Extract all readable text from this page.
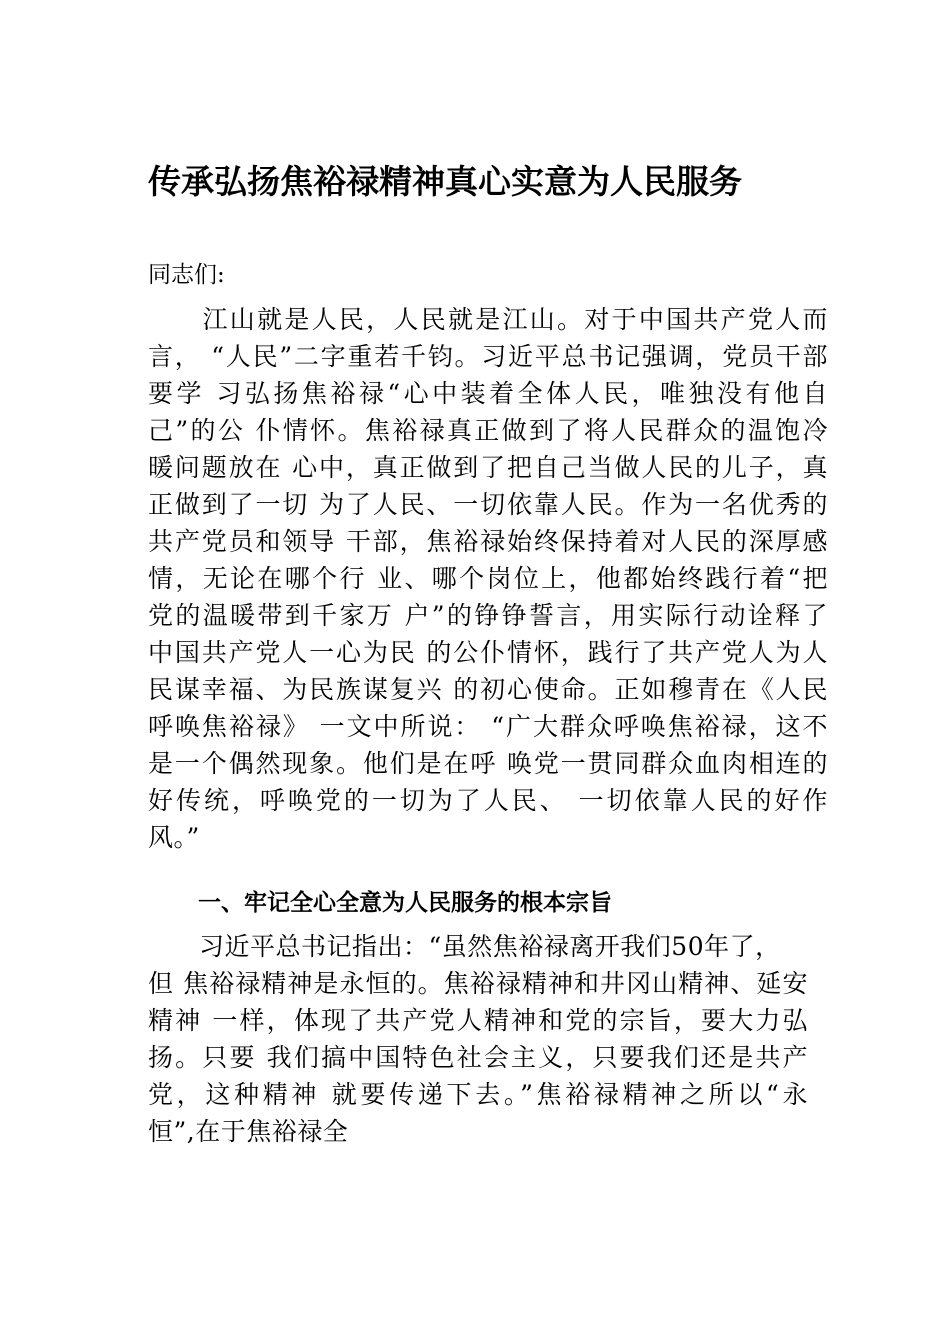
传承弘扬焦裕禄精神真心实意为人民服务
同志们:
　　江山就是人民，人民就是江山。对于中国共产党人而
言， “人民”二字重若千钧。习近平总书记强调，党员干部
要学 习弘扬焦裕禄“心中装着全体人民，唯独没有他自
己”的公 仆情怀。焦裕禄真正做到了将人民群众的温饱冷
暖问题放在 心中，真正做到了把自己当做人民的儿子，真
正做到了一切 为了人民、一切依靠人民。作为一名优秀的
共产党员和领导 干部，焦裕禄始终保持着对人民的深厚感
情，无论在哪个行 业、哪个岗位上，他都始终践行着“把
党的温暖带到千家万 户”的铮铮誓言，用实际行动诠释了
中国共产党人一心为民 的公仆情怀，践行了共产党人为人
民谋幸福、为民族谋复兴 的初心使命。正如穆青在《人民
呼唤焦裕禄》 一文中所说： “广大群众呼唤焦裕禄，这不
是一个偶然现象。他们是在呼 唤党一贯同群众血肉相连的
好传统，呼唤党的一切为了人民、 一切依靠人民的好作
风。”
一、牢记全心全意为人民服务的根本宗旨
　　习近平总书记指出：“虽然焦裕禄离开我们50年了，
但 焦裕禄精神是永恒的。焦裕禄精神和井冈山精神、延安
精神 一样，体现了共产党人精神和党的宗旨，要大力弘
扬。只要 我们搞中国特色社会主义，只要我们还是共产
党，这种精神 就要传递下去。”焦裕禄精神之所以“永
恒”,在于焦裕禄全
